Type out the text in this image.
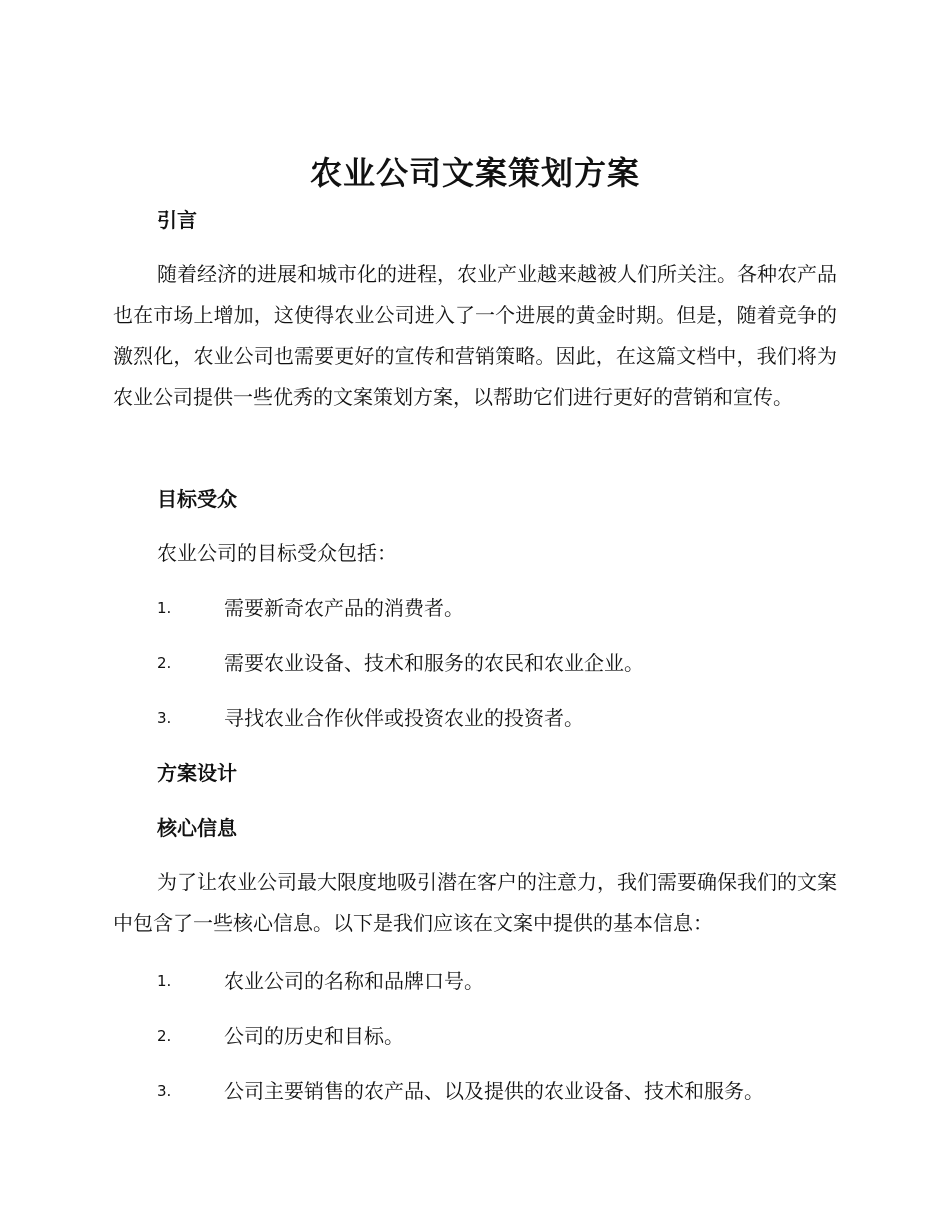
农业公司文案策划方案
引言
随着经济的进展和城市化的进程，农业产业越来越被人们所关注。各种农产品也在市场上增加，这使得农业公司进入了一个进展的黄金时期。但是，随着竞争的激烈化，农业公司也需要更好的宣传和营销策略。因此，在这篇文档中，我们将为农业公司提供一些优秀的文案策划方案，以帮助它们进行更好的营销和宣传。
目标受众
农业公司的目标受众包括：
1.	需要新奇农产品的消费者。
2.	需要农业设备、技术和服务的农民和农业企业。
3.	寻找农业合作伙伴或投资农业的投资者。
方案设计
核心信息
为了让农业公司最大限度地吸引潜在客户的注意力，我们需要确保我们的文案中包含了一些核心信息。以下是我们应该在文案中提供的基本信息：
1.	农业公司的名称和品牌口号。
2.	公司的历史和目标。
3.	公司主要销售的农产品、以及提供的农业设备、技术和服务。
